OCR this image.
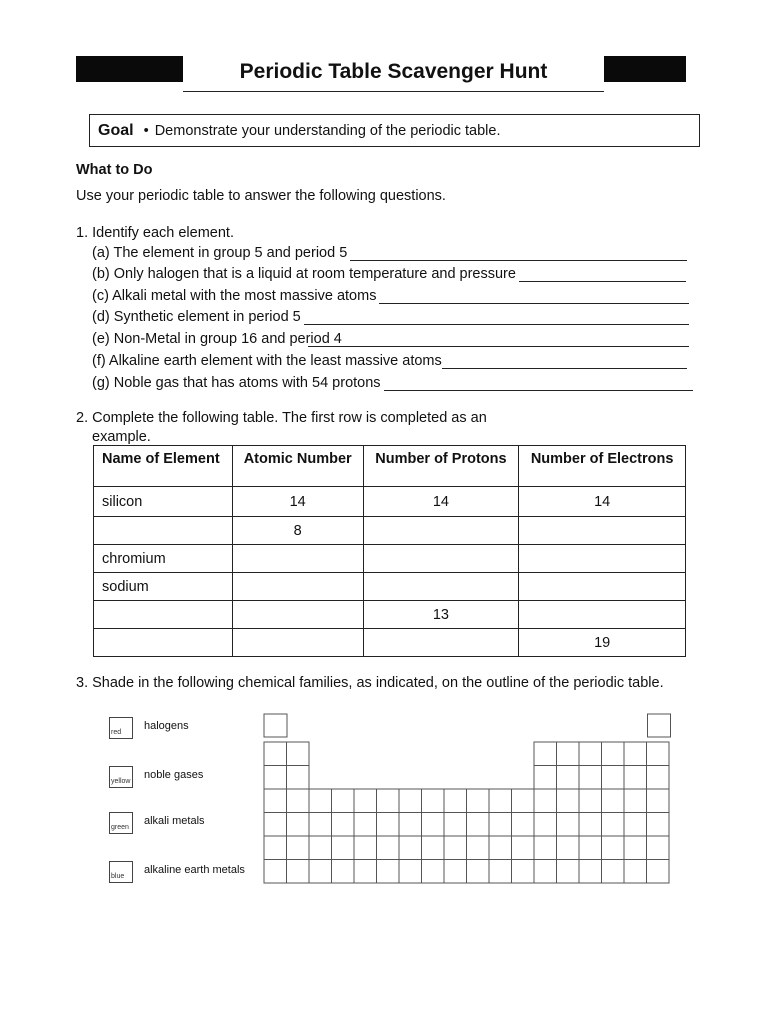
Periodic Table Scavenger Hunt
Goal • Demonstrate your understanding of the periodic table.
What to Do
Use your periodic table to answer the following questions.
1. Identify each element.
(a) The element in group 5 and period 5
(b) Only halogen that is a liquid at room temperature and pressure
(c) Alkali metal with the most massive atoms
(d) Synthetic element in period 5
(e) Non-Metal in group 16 and period 4
(f) Alkaline earth element with the least massive atoms
(g) Noble gas that has atoms with 54 protons
2. Complete the following table. The first row is completed as an
example.
Name of Element	Atomic Number	Number of Protons	Number of Electrons
silicon	14	14	14
	8		
chromium			
sodium			
		13	
			19
3. Shade in the following chemical families, as indicated, on the outline of the periodic table.
red
halogens
yellow
noble gases
green
alkali metals
blue
alkaline earth metals
